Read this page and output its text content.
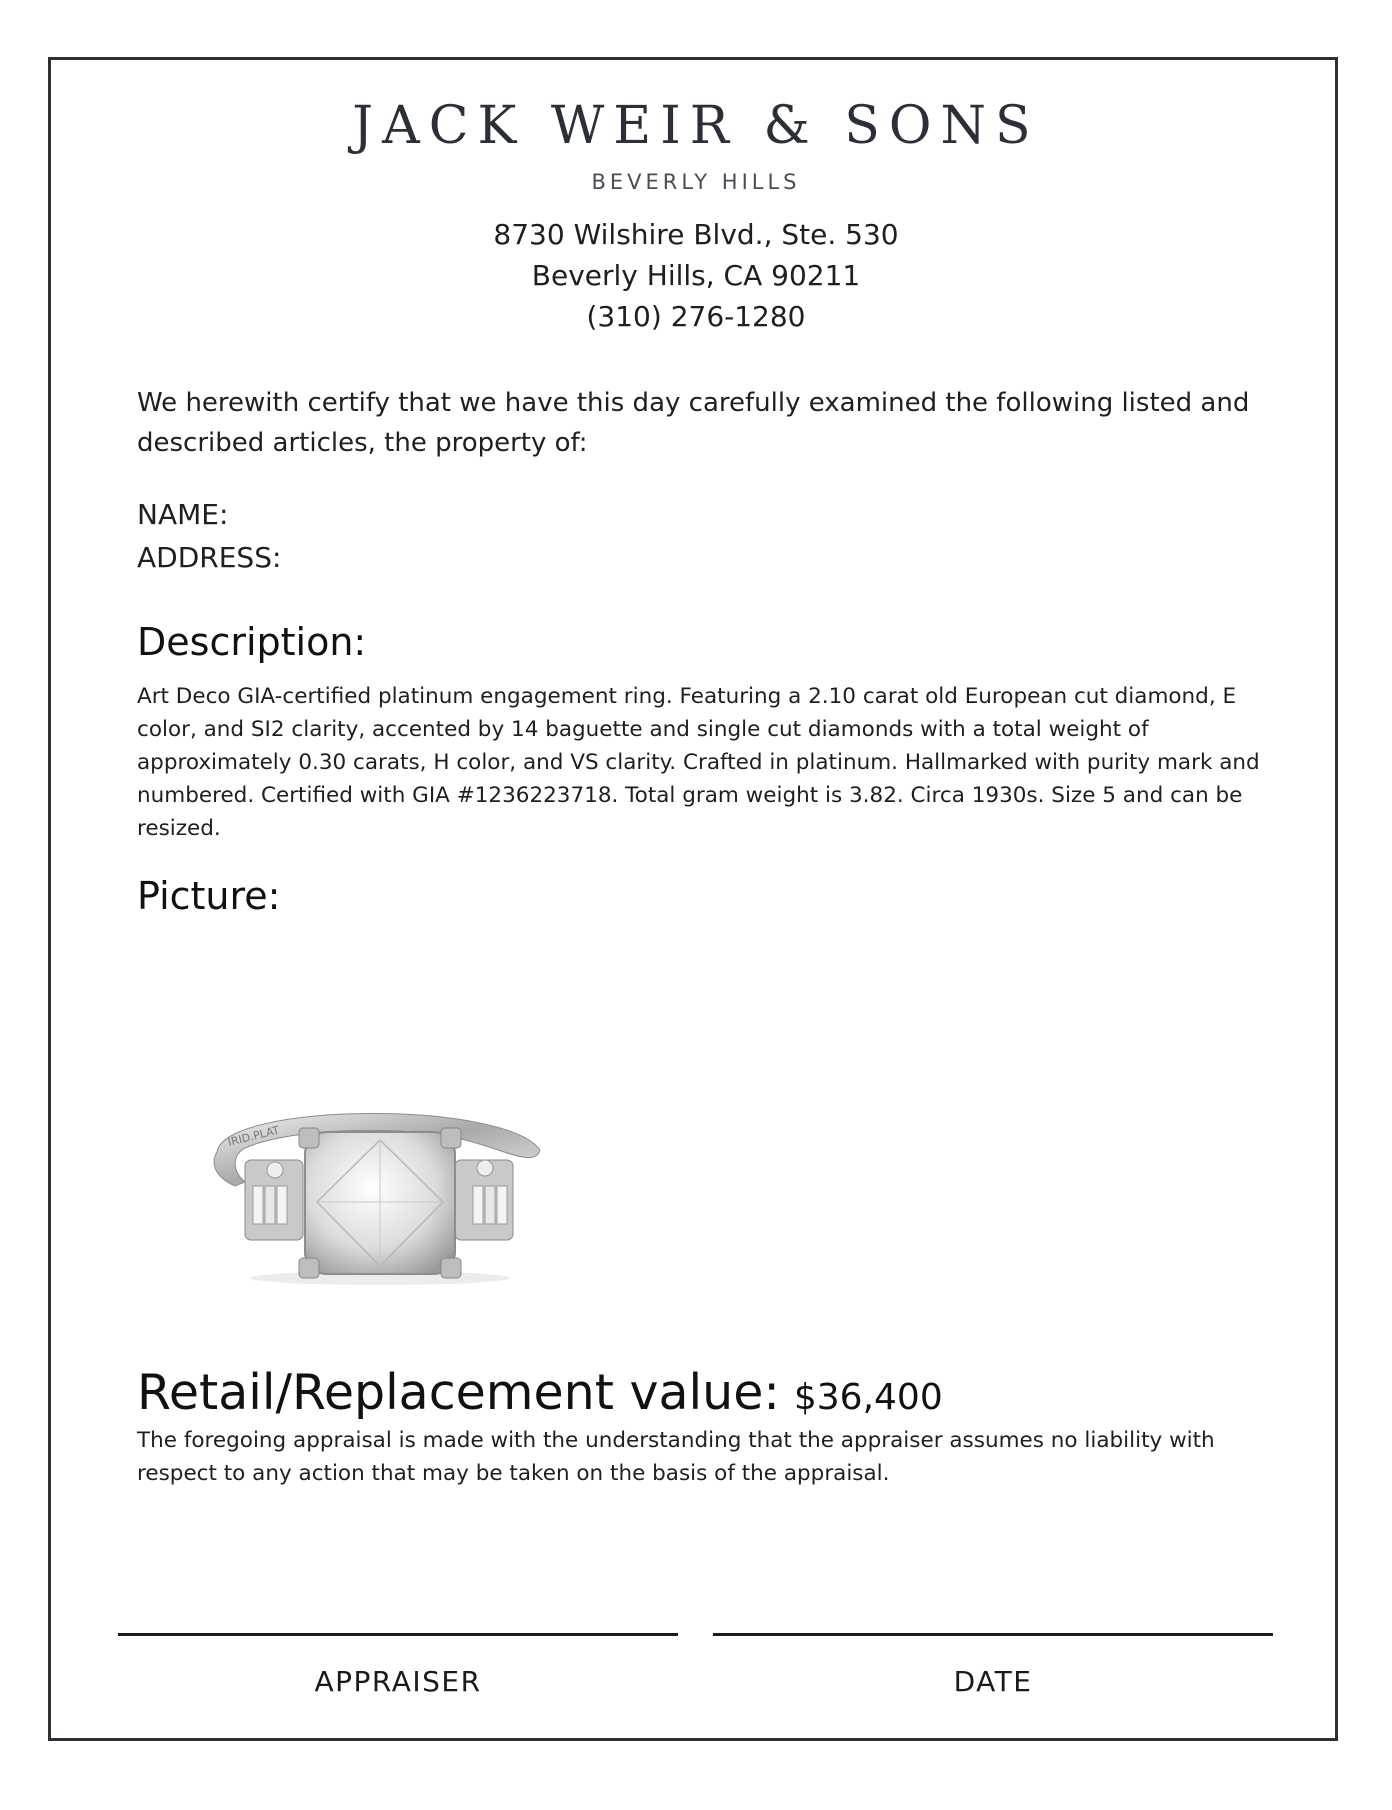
JACK WEIR & SONS
BEVERLY HILLS
8730 Wilshire Blvd., Ste. 530
Beverly Hills, CA 90211
(310) 276-1280
We herewith certify that we have this day carefully examined the following listed and described articles, the property of:
NAME:
ADDRESS:
Description:
Art Deco GIA-certified platinum engagement ring. Featuring a 2.10 carat old European cut diamond, E color, and SI2 clarity, accented by 14 baguette and single cut diamonds with a total weight of approximately 0.30 carats, H color, and VS clarity. Crafted in platinum. Hallmarked with purity mark and numbered. Certified with GIA #1236223718. Total gram weight is 3.82. Circa 1930s. Size 5 and can be resized.
Picture:
IRID.PLAT
Retail/Replacement value: $36,400
The foregoing appraisal is made with the understanding that the appraiser assumes no liability with respect to any action that may be taken on the basis of the appraisal.
APPRAISER	DATE
